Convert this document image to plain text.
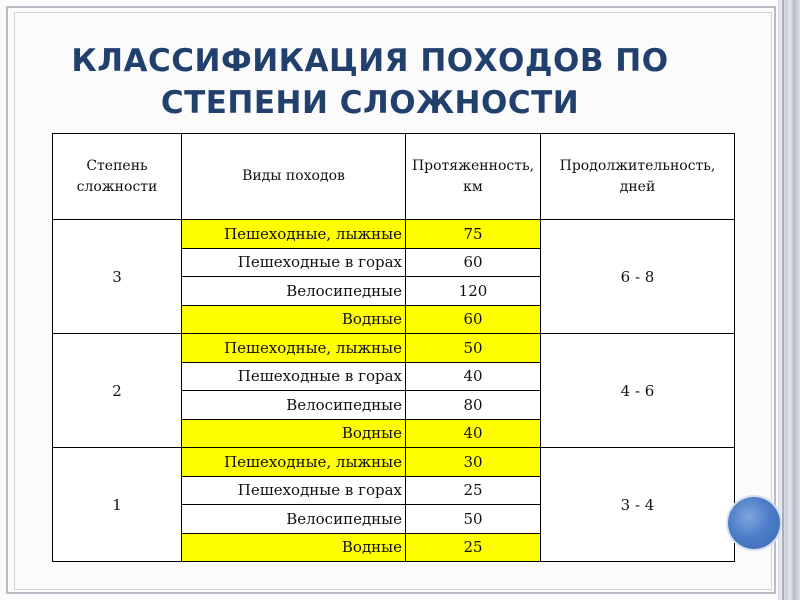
КЛАССИФИКАЦИЯ ПОХОДОВ ПО
СТЕПЕНИ СЛОЖНОСТИ
Степень сложности	Виды походов	Протяженность, км	Продолжительность, дней
3	Пешеходные, лыжные	75	6 - 8
	Пешеходные в горах	60	
	Велосипедные	120	
	Водные	60	
2	Пешеходные, лыжные	50	4 - 6
	Пешеходные в горах	40	
	Велосипедные	80	
	Водные	40	
1	Пешеходные, лыжные	30	3 - 4
	Пешеходные в горах	25	
	Велосипедные	50	
	Водные	25	
